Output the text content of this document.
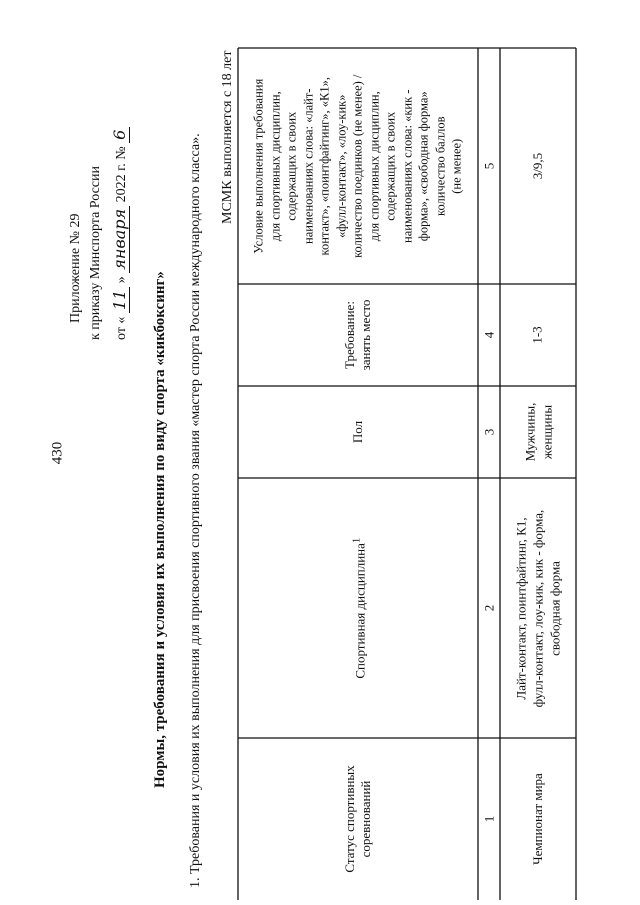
430
Приложение № 29 к приказу Минспорта России от « 11 » января 2022 г. № 6
Нормы, требования и условия их выполнения по виду спорта «кикбоксинг» 1. Требования и условия их выполнения для присвоения спортивного звания «мастер спорта России международного класса». МСМК выполняется с 18 лет
Статус спортивных соревнований
Спортивная дисциплина$^1$
Пол
Требование: занять место
Условие выполнения требования для спортивных дисциплин, содержащих в своих наименованиях слова: «лайт- контакт», «поинтфайтинг», «К1», «фулл-контакт», «лоу-кик» количество поединков (не менее) / для спортивных дисциплин, содержащих в своих наименованиях слова: «кик - форма», «свободная форма» количество баллов (не менее)
1
2
3
4
5
Чемпионат мира
Лайт-контакт, поинтфайтинг, К1, фулл-контакт, лоу-кик, кик - форма, свободная форма
Мужчины, женщины
1-3
3/9,5
